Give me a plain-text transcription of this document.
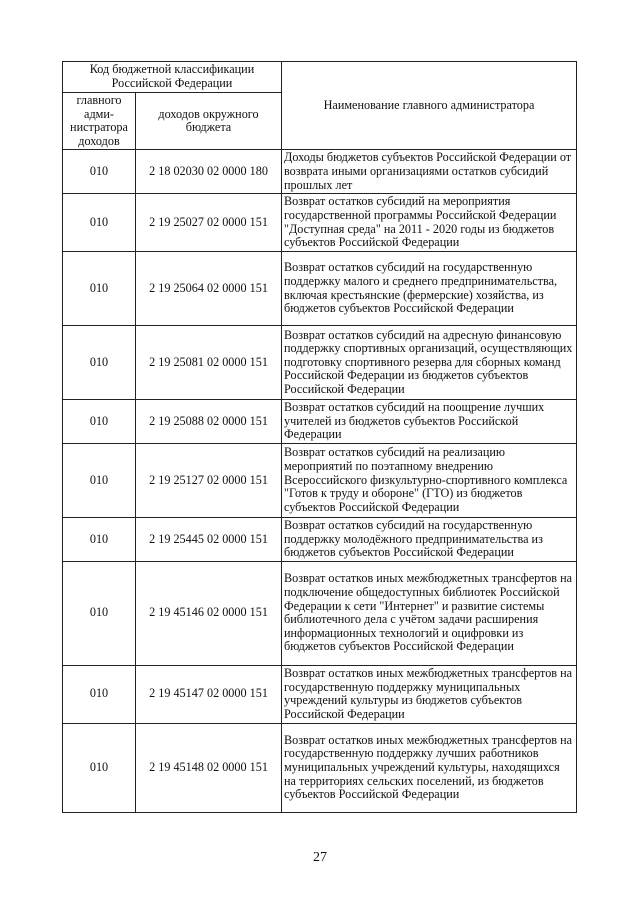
Код бюджетной классификации Российской Федерации		Наименование главного администратора
главного адми-нистратора доходов	доходов окружного бюджета	
010	2 18 02030 02 0000 180	Доходы бюджетов субъектов Российской Федерации от возврата иными организациями остатков субсидий прошлых лет
010	2 19 25027 02 0000 151	Возврат остатков субсидий на мероприятия государственной программы Российской Федерации "Доступная среда" на 2011 - 2020 годы из бюджетов субъектов Российской Федерации
010	2 19 25064 02 0000 151	Возврат остатков субсидий на государственную поддержку малого и среднего предпринимательства, включая крестьянские (фермерские) хозяйства, из бюджетов субъектов Российской Федерации
010	2 19 25081 02 0000 151	Возврат остатков субсидий на адресную финансовую поддержку спортивных организаций, осуществляющих подготовку спортивного резерва для сборных команд Российской Федерации из бюджетов субъектов Российской Федерации
010	2 19 25088 02 0000 151	Возврат остатков субсидий на поощрение лучших учителей из бюджетов субъектов Российской Федерации
010	2 19 25127 02 0000 151	Возврат остатков субсидий на реализацию мероприятий по поэтапному внедрению Всероссийского физкультурно-спортивного комплекса "Готов к труду и обороне" (ГТО) из бюджетов субъектов Российской Федерации
010	2 19 25445 02 0000 151	Возврат остатков субсидий на государственную поддержку молодёжного предпринимательства из бюджетов субъектов Российской Федерации
010	2 19 45146 02 0000 151	Возврат остатков иных межбюджетных трансфертов на подключение общедоступных библиотек Российской Федерации к сети "Интернет" и развитие системы библиотечного дела с учётом задачи расширения информационных технологий и оцифровки из бюджетов субъектов Российской Федерации
010	2 19 45147 02 0000 151	Возврат остатков иных межбюджетных трансфертов на государственную поддержку муниципальных учреждений культуры из бюджетов субъектов Российской Федерации
010	2 19 45148 02 0000 151	Возврат остатков иных межбюджетных трансфертов на государственную поддержку лучших работников муниципальных учреждений культуры, находящихся на территориях сельских поселений, из бюджетов субъектов Российской Федерации
27
